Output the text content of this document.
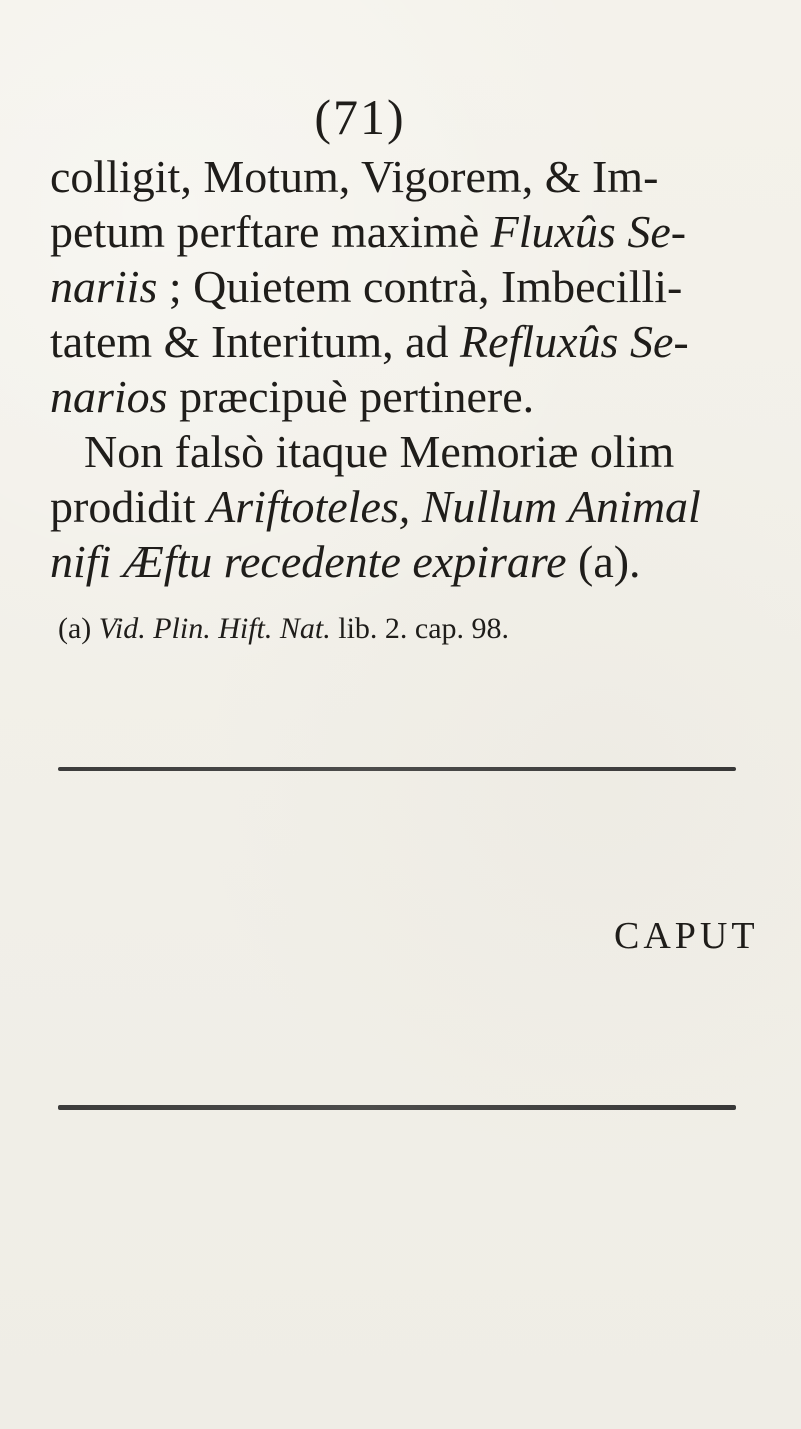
(71)
colligit, Motum, Vigorem, & Im-
petum perftare maximè Fluxûs Se-
nariis ; Quietem contrà, Imbecilli-
tatem & Interitum, ad Refluxûs Se-
narios præcipuè pertinere.
Non falsò itaque Memoriæ olim
prodidit Ariftoteles, Nullum Animal
nifi Æftu recedente expirare (a).
(a) Vid. Plin. Hift. Nat. lib. 2. cap. 98.
CAPUT
